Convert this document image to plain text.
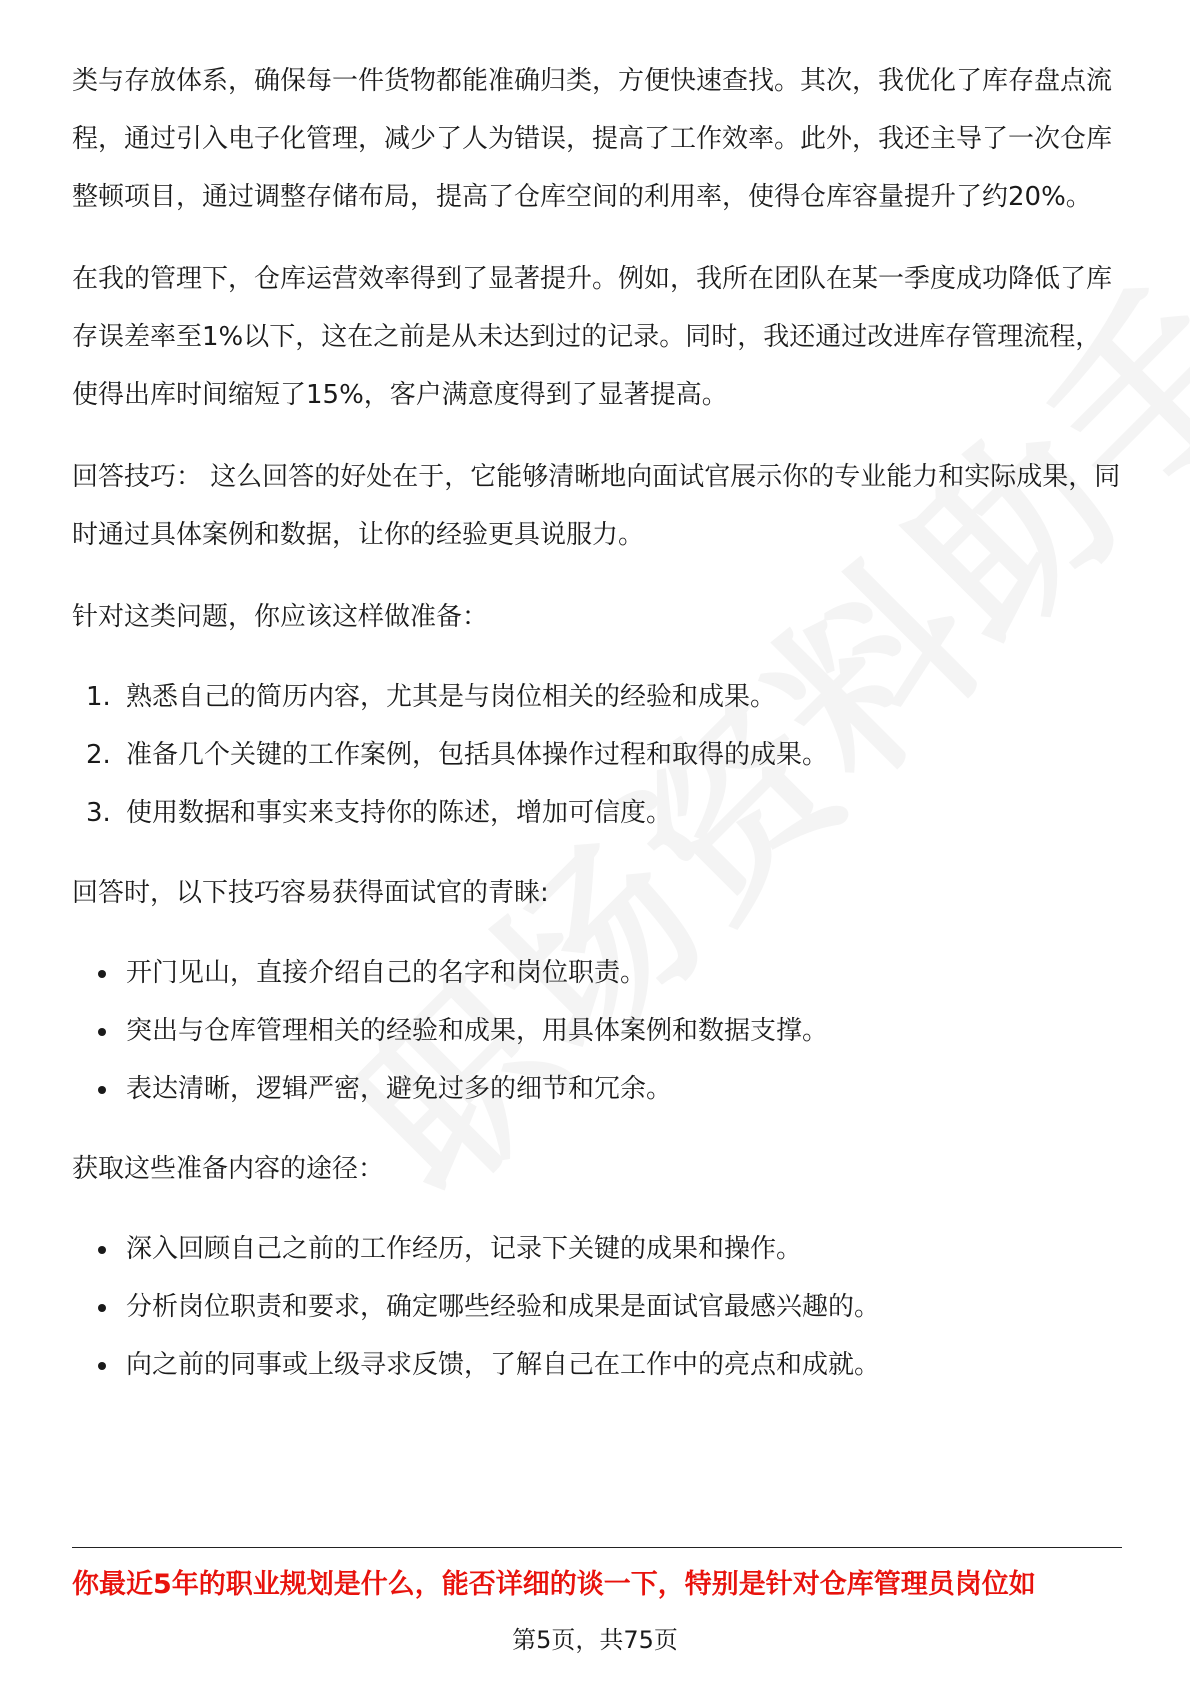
类与存放体系，确保每一件货物都能准确归类，方便快速查找。其次，我优化了库存盘点流程，通过引入电子化管理，减少了人为错误，提高了工作效率。此外，我还主导了一次仓库整顿项目，通过调整存储布局，提高了仓库空间的利用率，使得仓库容量提升了约20%。

在我的管理下，仓库运营效率得到了显著提升。例如，我所在团队在某一季度成功降低了库存误差率至1%以下，这在之前是从未达到过的记录。同时，我还通过改进库存管理流程，使得出库时间缩短了15%，客户满意度得到了显著提高。

回答技巧： 这么回答的好处在于，它能够清晰地向面试官展示你的专业能力和实际成果，同时通过具体案例和数据，让你的经验更具说服力。

针对这类问题，你应该这样做准备：

1. 熟悉自己的简历内容，尤其是与岗位相关的经验和成果。
2. 准备几个关键的工作案例，包括具体操作过程和取得的成果。
3. 使用数据和事实来支持你的陈述，增加可信度。

回答时，以下技巧容易获得面试官的青睐:

开门见山，直接介绍自己的名字和岗位职责。
突出与仓库管理相关的经验和成果，用具体案例和数据支撑。
表达清晰，逻辑严密，避免过多的细节和冗余。

获取这些准备内容的途径：

深入回顾自己之前的工作经历，记录下关键的成果和操作。
分析岗位职责和要求，确定哪些经验和成果是面试官最感兴趣的。
向之前的同事或上级寻求反馈，了解自己在工作中的亮点和成就。
你最近5年的职业规划是什么，能否详细的谈一下，特别是针对仓库管理员岗位如
第5页，共75页
